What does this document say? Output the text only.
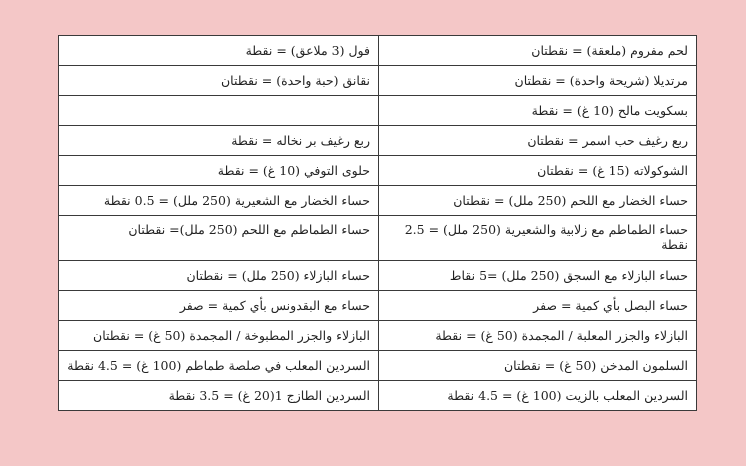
لحم مفروم (ملعقة) = نقطتان	فول (3 ملاعق) = نقطة
مرتديلا (شريحة واحدة) = نقطتان	نقانق (حبة واحدة) = نقطتان
بسكويت مالح (10 غ) = نقطة	
ربع رغيف حب اسمر = نقطتان	ربع رغيف بر نخاله = نقطة
الشوكولاته (15 غ) = نقطتان	حلوى التوفي (10 غ) = نقطة
حساء الخضار مع اللحم (250 ملل) = نقطتان	حساء الخضار مع الشعيرية (250 ملل) = 0.5 نقطة
حساء الطماطم مع زلابية والشعيرية (250 ملل) = 2.5 نقطة	حساء الطماطم مع اللحم (250 ملل)= نقطتان
حساء البازلاء مع السجق (250 ملل) =5 نقاط	حساء البازلاء (250 ملل) = نقطتان
حساء البصل بأي كمية = صفر	حساء مع البقدونس بأي كمية = صفر
البازلاء والجزر المعلبة / المجمدة (50 غ) = نقطة	البازلاء والجزر المطبوخة / المجمدة (50 غ) = نقطتان
السلمون المدخن (50 غ) = نقطتان	السردين المعلب في صلصة طماطم (100 غ) = 4.5 نقطة
السردين المعلب بالزيت (100 غ) = 4.5 نقطة	السردين الطازج 1(20 غ) = 3.5 نقطة
